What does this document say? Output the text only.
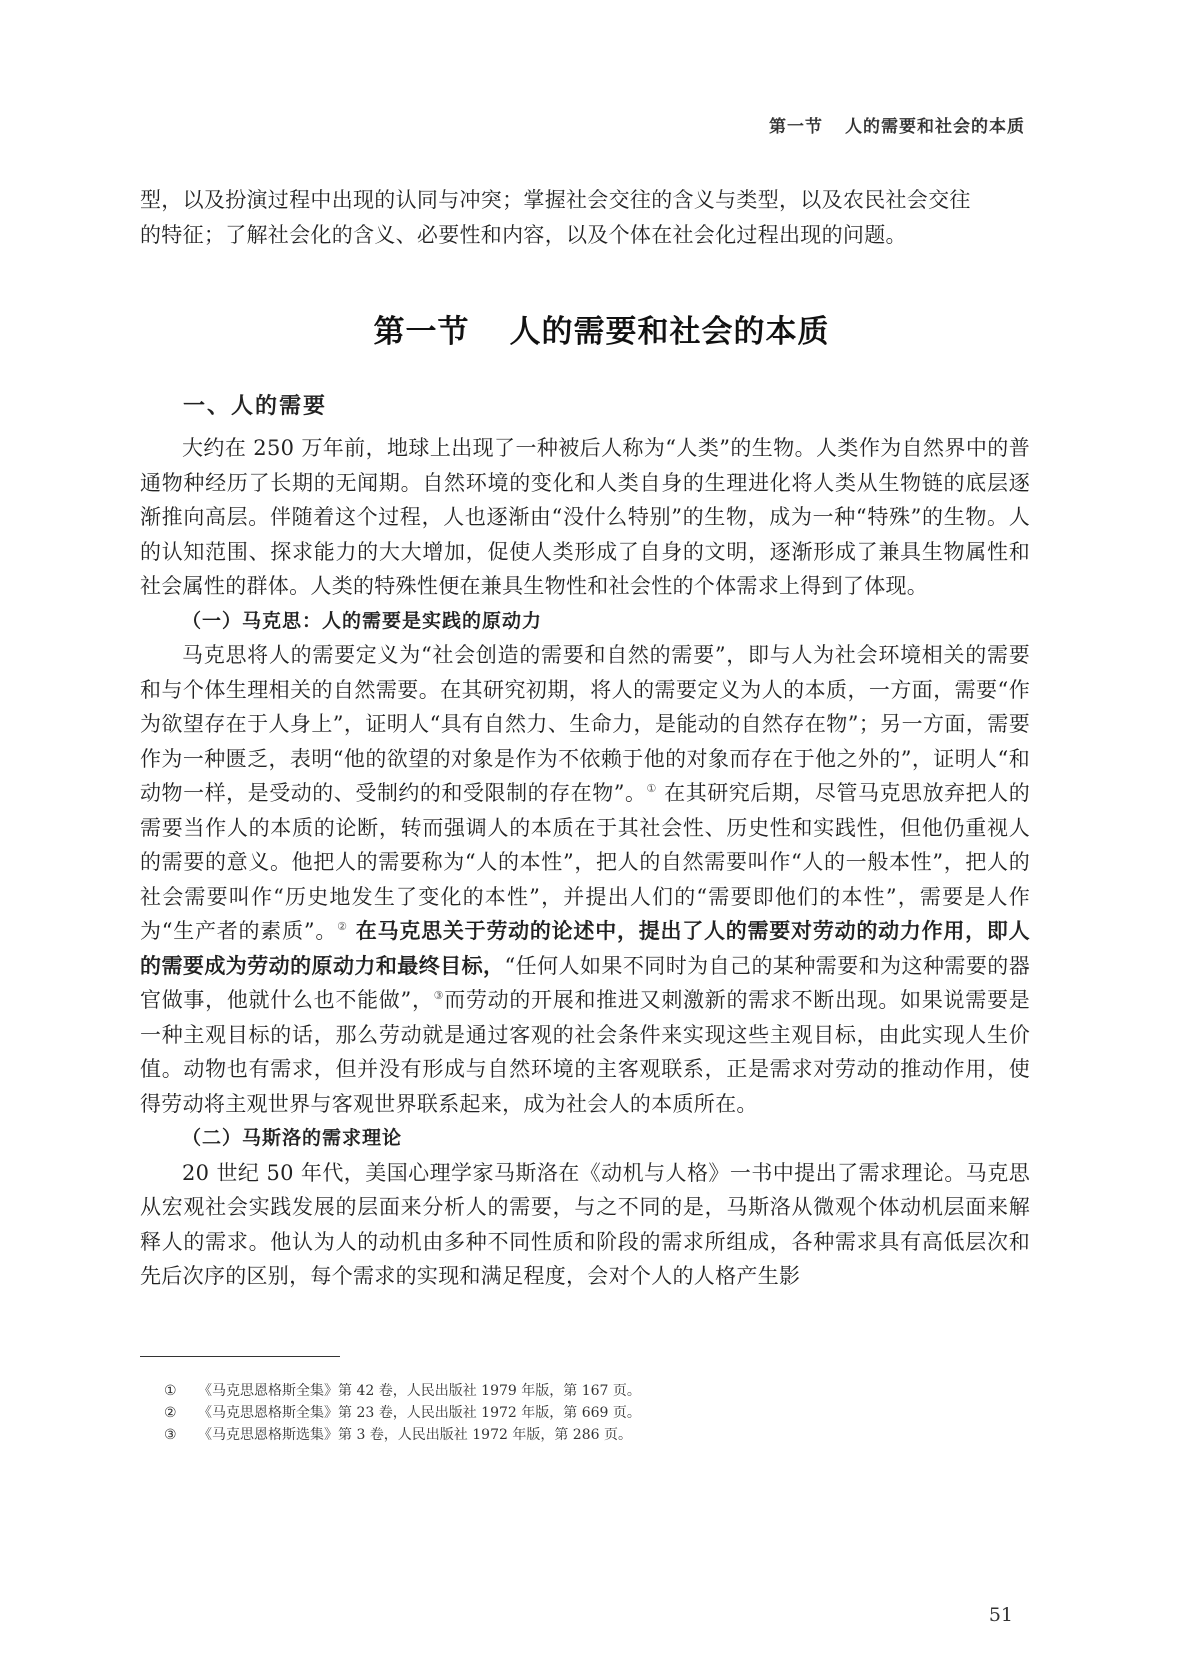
第一节 人的需要和社会的本质

型，以及扮演过程中出现的认同与冲突；掌握社会交往的含义与类型，以及农民社会交往

的特征；了解社会化的含义、必要性和内容，以及个体在社会化过程出现的问题。

第一节 人的需要和社会的本质
一、人的需要

大约在 250 万年前，地球上出现了一种被后人称为“人类”的生物。人类作为自然界中的普通物种经历了长期的无闻期。自然环境的变化和人类自身的生理进化将人类从生物链的底层逐渐推向高层。伴随着这个过程，人也逐渐由“没什么特别”的生物，成为一种“特殊”的生物。人的认知范围、探求能力的大大增加，促使人类形成了自身的文明，逐渐形成了兼具生物属性和社会属性的群体。人类的特殊性便在兼具生物性和社会性的个体需求上得到了体现。

（一）马克思：人的需要是实践的原动力

马克思将人的需要定义为“社会创造的需要和自然的需要”，即与人为社会环境相关的需要和与个体生理相关的自然需要。在其研究初期，将人的需要定义为人的本质，一方面，需要“作为欲望存在于人身上”，证明人“具有自然力、生命力，是能动的自然存在物”；另一方面，需要作为一种匮乏，表明“他的欲望的对象是作为不依赖于他的对象而存在于他之外的”，证明人“和动物一样，是受动的、受制约的和受限制的存在物”。① 在其研究后期，尽管马克思放弃把人的需要当作人的本质的论断，转而强调人的本质在于其社会性、历史性和实践性，但他仍重视人的需要的意义。他把人的需要称为“人的本性”，把人的自然需要叫作“人的一般本性”，把人的社会需要叫作“历史地发生了变化的本性”，并提出人们的“需要即他们的本性”，需要是人作为“生产者的素质”。② 在马克思关于劳动的论述中，提出了人的需要对劳动的动力作用，即人的需要成为劳动的原动力和最终目标，“任何人如果不同时为自己的某种需要和为这种需要的器官做事，他就什么也不能做”，③而劳动的开展和推进又刺激新的需求不断出现。如果说需要是一种主观目标的话，那么劳动就是通过客观的社会条件来实现这些主观目标，由此实现人生价值。动物也有需求，但并没有形成与自然环境的主客观联系，正是需求对劳动的推动作用，使得劳动将主观世界与客观世界联系起来，成为社会人的本质所在。

（二）马斯洛的需求理论

20 世纪 50 年代，美国心理学家马斯洛在《动机与人格》一书中提出了需求理论。马克思从宏观社会实践发展的层面来分析人的需要，与之不同的是，马斯洛从微观个体动机层面来解释人的需求。他认为人的动机由多种不同性质和阶段的需求所组成，各种需求具有高低层次和先后次序的区别，每个需求的实现和满足程度，会对个人的人格产生影

① 《马克思恩格斯全集》第 42 卷，人民出版社 1979 年版，第 167 页。
② 《马克思恩格斯全集》第 23 卷，人民出版社 1972 年版，第 669 页。
③ 《马克思恩格斯选集》第 3 卷，人民出版社 1972 年版，第 286 页。
51
